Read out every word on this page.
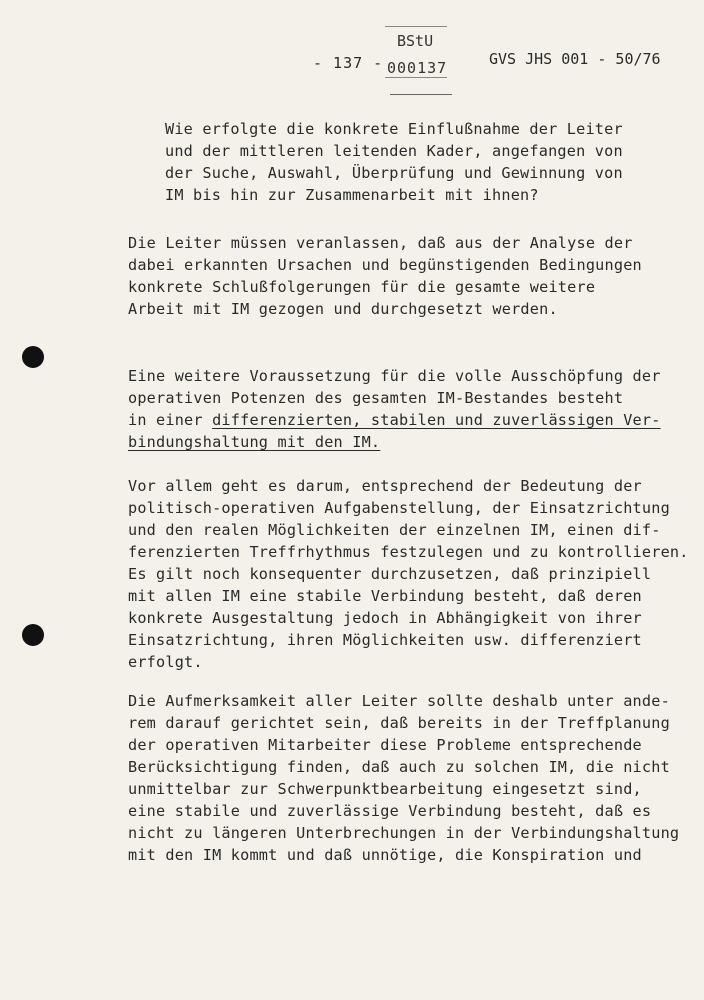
- 137 -
BStU
000137	GVS JHS 001 - 50/76
Wie erfolgte die konkrete Einflußnahme der Leiter
und der mittleren leitenden Kader, angefangen von
der Suche, Auswahl, Überprüfung und Gewinnung von
IM bis hin zur Zusammenarbeit mit ihnen?
Die Leiter müssen veranlassen, daß aus der Analyse der
dabei erkannten Ursachen und begünstigenden Bedingungen
konkrete Schlußfolgerungen für die gesamte weitere
Arbeit mit IM gezogen und durchgesetzt werden.
Eine weitere Voraussetzung für die volle Ausschöpfung der
operativen Potenzen des gesamten IM-Bestandes besteht
in einer differenzierten, stabilen und zuverlässigen Ver-
bindungshaltung mit den IM.
Vor allem geht es darum, entsprechend der Bedeutung der
politisch-operativen Aufgabenstellung, der Einsatzrichtung
und den realen Möglichkeiten der einzelnen IM, einen dif-
ferenzierten Treffrhythmus festzulegen und zu kontrollieren.
Es gilt noch konsequenter durchzusetzen, daß prinzipiell
mit allen IM eine stabile Verbindung besteht, daß deren
konkrete Ausgestaltung jedoch in Abhängigkeit von ihrer
Einsatzrichtung, ihren Möglichkeiten usw. differenziert
erfolgt.
Die Aufmerksamkeit aller Leiter sollte deshalb unter ande-
rem darauf gerichtet sein, daß bereits in der Treffplanung
der operativen Mitarbeiter diese Probleme entsprechende
Berücksichtigung finden, daß auch zu solchen IM, die nicht
unmittelbar zur Schwerpunktbearbeitung eingesetzt sind,
eine stabile und zuverlässige Verbindung besteht, daß es
nicht zu längeren Unterbrechungen in der Verbindungshaltung
mit den IM kommt und daß unnötige, die Konspiration und
